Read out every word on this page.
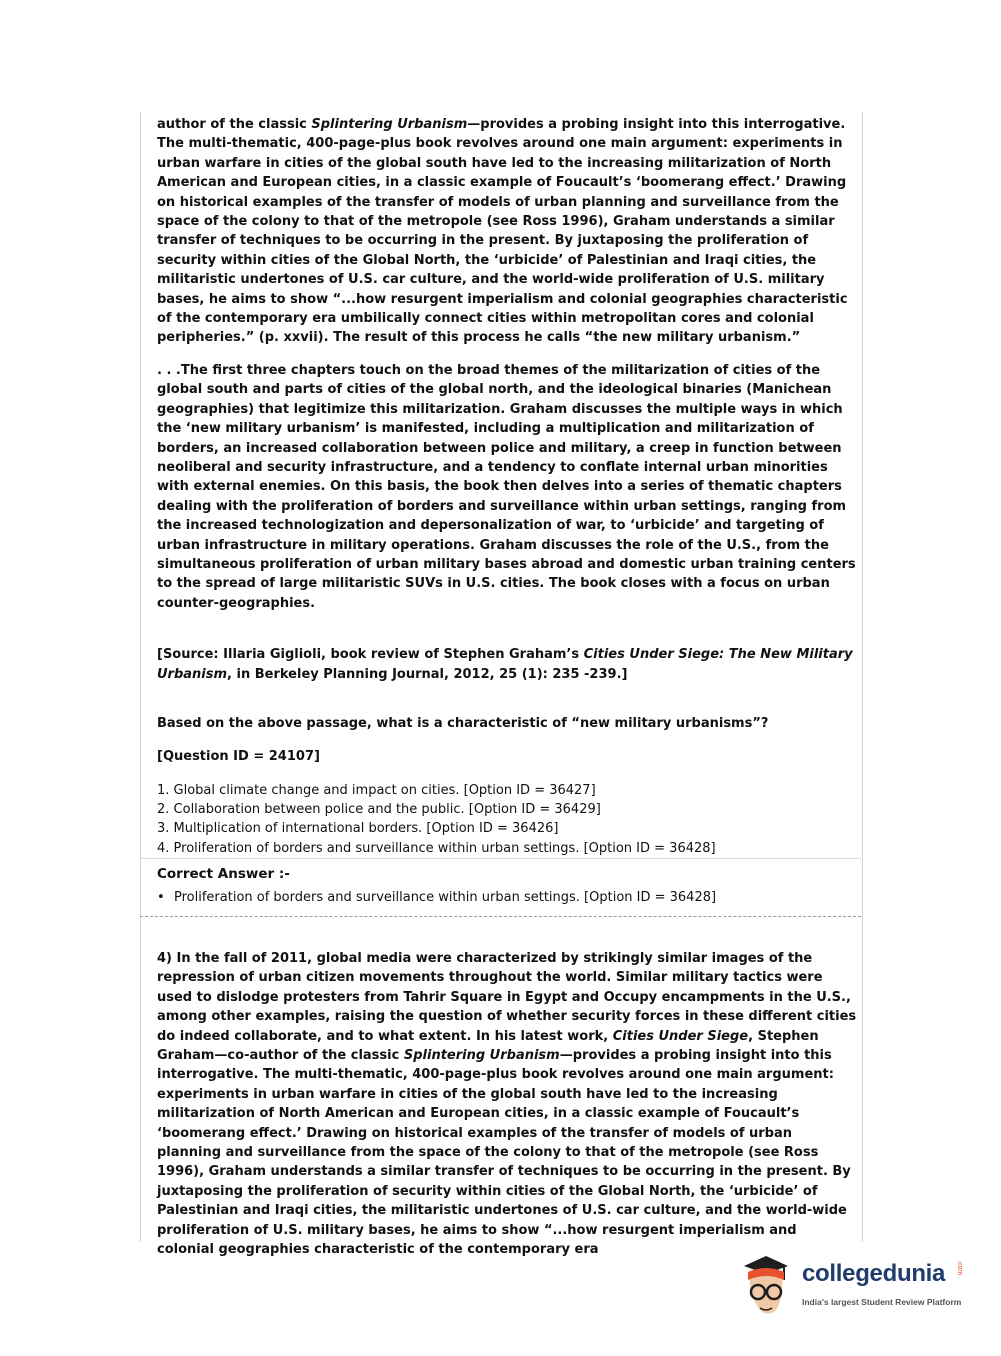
author of the classic Splintering Urbanism—provides a probing insight into this interrogative. The multi-thematic, 400-page-plus book revolves around one main argument: experiments in urban warfare in cities of the global south have led to the increasing militarization of North American and European cities, in a classic example of Foucault’s ‘boomerang effect.’ Drawing on historical examples of the transfer of models of urban planning and surveillance from the space of the colony to that of the metropole (see Ross 1996), Graham understands a similar transfer of techniques to be occurring in the present. By juxtaposing the proliferation of security within cities of the Global North, the ‘urbicide’ of Palestinian and Iraqi cities, the militaristic undertones of U.S. car culture, and the world-wide proliferation of U.S. military bases, he aims to show “...how resurgent imperialism and colonial geographies characteristic of the contemporary era umbilically connect cities within metropolitan cores and colonial peripheries.” (p. xxvii). The result of this process he calls “the new military urbanism.”

. . .The first three chapters touch on the broad themes of the militarization of cities of the global south and parts of cities of the global north, and the ideological binaries (Manichean geographies) that legitimize this militarization. Graham discusses the multiple ways in which the ‘new military urbanism’ is manifested, including a multiplication and militarization of borders, an increased collaboration between police and military, a creep in function between neoliberal and security infrastructure, and a tendency to conflate internal urban minorities with external enemies. On this basis, the book then delves into a series of thematic chapters dealing with the proliferation of borders and surveillance within urban settings, ranging from the increased technologization and depersonalization of war, to ‘urbicide’ and targeting of urban infrastructure in military operations. Graham discusses the role of the U.S., from the simultaneous proliferation of urban military bases abroad and domestic urban training centers to the spread of large militaristic SUVs in U.S. cities. The book closes with a focus on urban counter-geographies.

[Source: Illaria Giglioli, book review of Stephen Graham’s Cities Under Siege: The New Military Urbanism, in Berkeley Planning Journal, 2012, 25 (1): 235 -239.]

Based on the above passage, what is a characteristic of “new military urbanisms”?

[Question ID = 24107]

1. Global climate change and impact on cities. [Option ID = 36427]

2. Collaboration between police and the public. [Option ID = 36429]

3. Multiplication of international borders. [Option ID = 36426]

4. Proliferation of borders and surveillance within urban settings. [Option ID = 36428]

Correct Answer :-

• Proliferation of borders and surveillance within urban settings. [Option ID = 36428]

4) In the fall of 2011, global media were characterized by strikingly similar images of the repression of urban citizen movements throughout the world. Similar military tactics were used to dislodge protesters from Tahrir Square in Egypt and Occupy encampments in the U.S., among other examples, raising the question of whether security forces in these different cities do indeed collaborate, and to what extent. In his latest work, Cities Under Siege, Stephen Graham—co-author of the classic Splintering Urbanism—provides a probing insight into this interrogative. The multi-thematic, 400-page-plus book revolves around one main argument: experiments in urban warfare in cities of the global south have led to the increasing militarization of North American and European cities, in a classic example of Foucault’s ‘boomerang effect.’ Drawing on historical examples of the transfer of models of urban planning and surveillance from the space of the colony to that of the metropole (see Ross 1996), Graham understands a similar transfer of techniques to be occurring in the present. By juxtaposing the proliferation of security within cities of the Global North, the ‘urbicide’ of Palestinian and Iraqi cities, the militaristic undertones of U.S. car culture, and the world-wide proliferation of U.S. military bases, he aims to show “...how resurgent imperialism and colonial geographies characteristic of the contemporary era

collegedunia .com
India's largest Student Review Platform
